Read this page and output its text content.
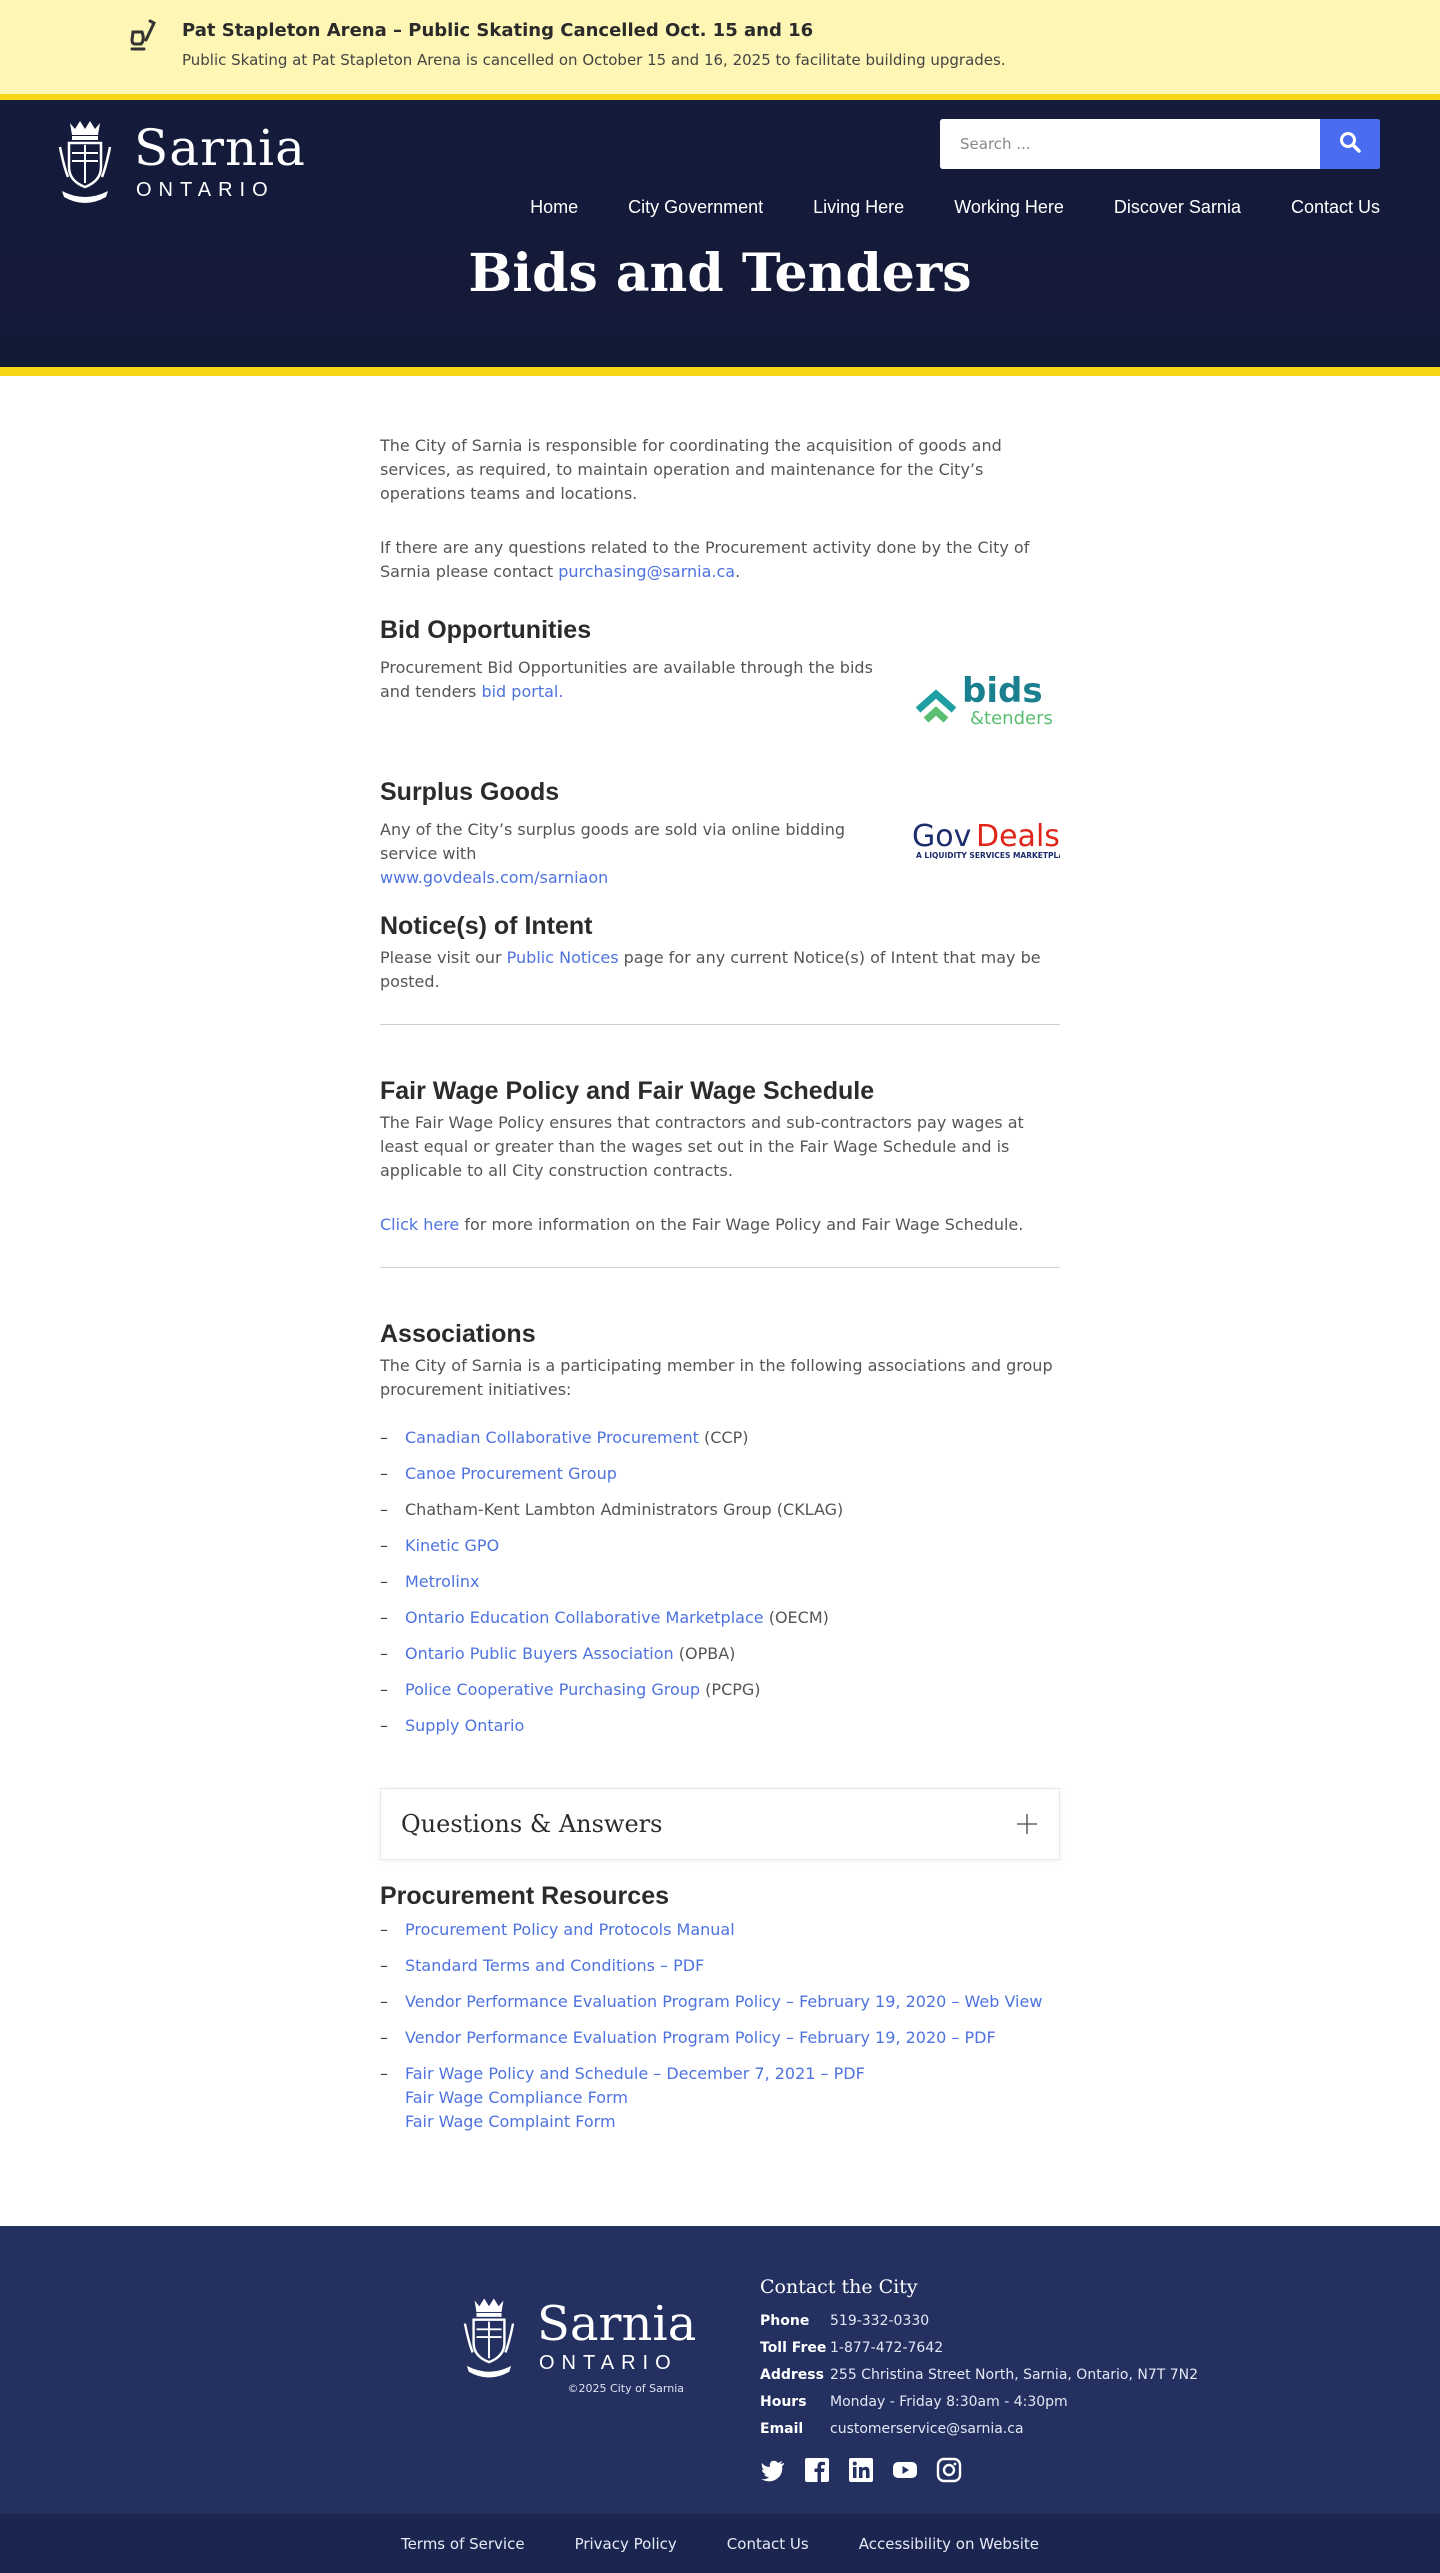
Pat Stapleton Arena – Public Skating Cancelled Oct. 15 and 16
Public Skating at Pat Stapleton Arena is cancelled on October 15 and 16, 2025 to facilitate building upgrades.
Sarnia
ONTARIO
Search ...
Home	City Government	Living Here	Working Here	Discover Sarnia	Contact Us
Bids and Tenders

The City of Sarnia is responsible for coordinating the acquisition of goods and services, as required, to maintain operation and maintenance for the City’s operations teams and locations.

If there are any questions related to the Procurement activity done by the City of Sarnia please contact purchasing@sarnia.ca.

Bid Opportunities

Procurement Bid Opportunities are available through the bids and tenders bid portal.	bids
&tenders
Surplus Goods

Any of the City’s surplus goods are sold via online bidding service with
www.govdeals.com/sarniaon

Gov Deals
A LIQUIDITY SERVICES MARKETPLACE
Notice(s) of Intent

Please visit our Public Notices page for any current Notice(s) of Intent that may be posted.

Fair Wage Policy and Fair Wage Schedule

The Fair Wage Policy ensures that contractors and sub-contractors pay wages at least equal or greater than the wages set out in the Fair Wage Schedule and is applicable to all City construction contracts.

Click here for more information on the Fair Wage Policy and Fair Wage Schedule.

Associations

The City of Sarnia is a participating member in the following associations and group procurement initiatives:

– Canadian Collaborative Procurement (CCP)
– Canoe Procurement Group
– Chatham-Kent Lambton Administrators Group (CKLAG)
– Kinetic GPO
– Metrolinx
– Ontario Education Collaborative Marketplace (OECM)
– Ontario Public Buyers Association (OPBA)
– Police Cooperative Purchasing Group (PCPG)
– Supply Ontario
Questions & Answers
Procurement Resources
– Procurement Policy and Protocols Manual
– Standard Terms and Conditions – PDF
– Vendor Performance Evaluation Program Policy – February 19, 2020 – Web View
– Vendor Performance Evaluation Program Policy – February 19, 2020 – PDF
– Fair Wage Policy and Schedule – December 7, 2021 – PDF
Fair Wage Compliance Form
Fair Wage Complaint Form
Sarnia
ONTARIO
©2025 City of Sarnia
Contact the City
Phone	519-332-0330
Toll Free 1-877-472-7642
Address 255 Christina Street North, Sarnia, Ontario, N7T 7N2
Hours	Monday - Friday 8:30am - 4:30pm
Email	customerservice@sarnia.ca
Terms of Service	Privacy Policy	Contact Us	Accessibility on Website
